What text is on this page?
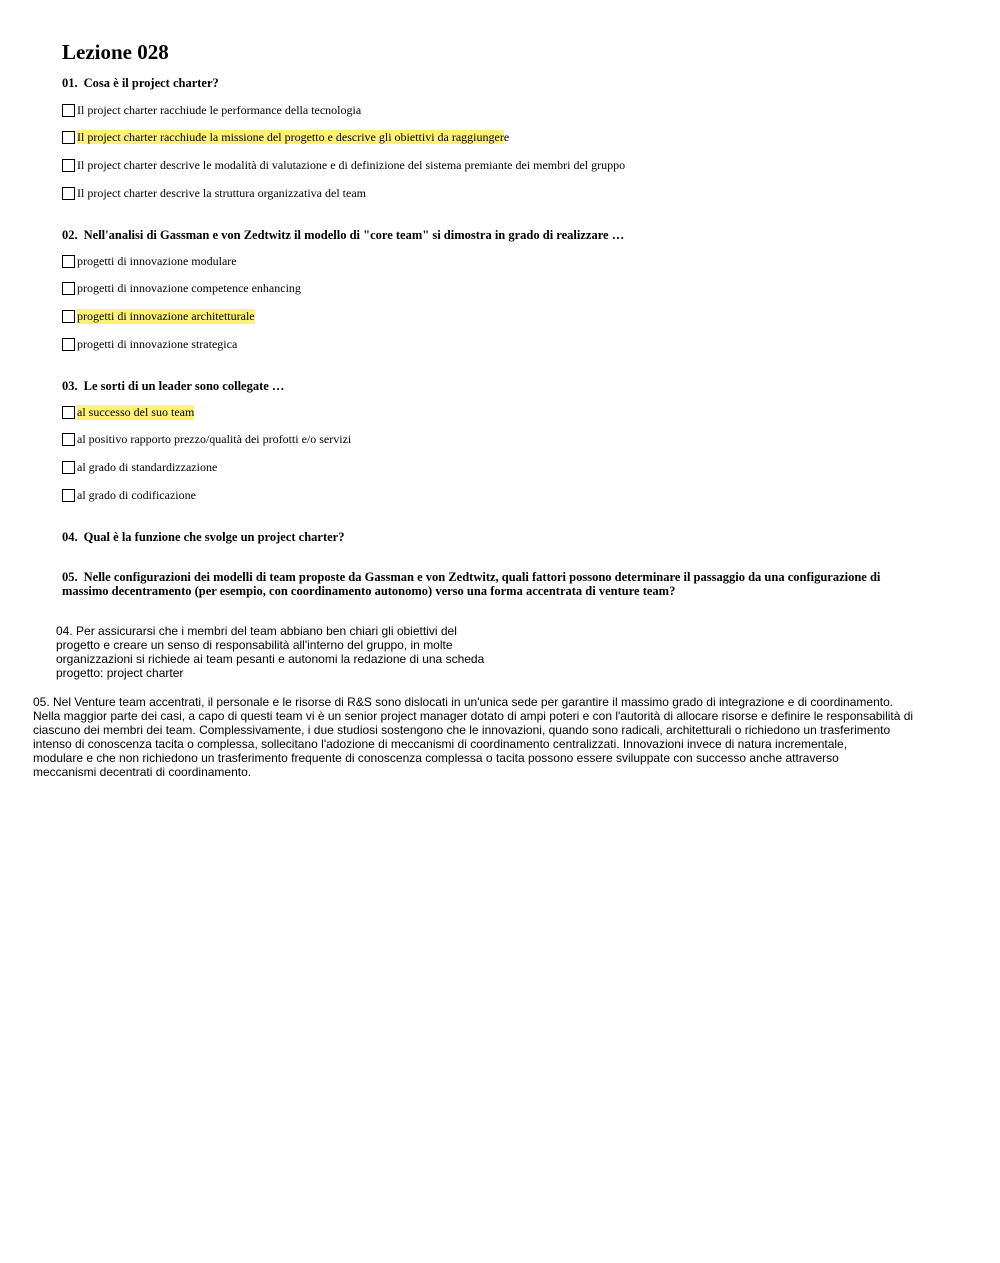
Lezione 028
01. Cosa è il project charter?
Il project charter racchiude le performance della tecnologia
Il project charter racchiude la missione del progetto e descrive gli obiettivi da raggiungere
Il project charter descrive le modalità di valutazione e di definizione del sistema premiante dei membri del gruppo
Il project charter descrive la struttura organizzativa del team
02. Nell'analisi di Gassman e von Zedtwitz il modello di "core team" si dimostra in grado di realizzare …
progetti di innovazione modulare
progetti di innovazione competence enhancing
progetti di innovazione architetturale
progetti di innovazione strategica
03. Le sorti di un leader sono collegate …
al successo del suo team
al positivo rapporto prezzo/qualità dei profotti e/o servizi
al grado di standardizzazione
al grado di codificazione
04. Qual è la funzione che svolge un project charter?
05. Nelle configurazioni dei modelli di team proposte da Gassman e von Zedtwitz, quali fattori possono determinare il passaggio da una configurazione di massimo decentramento (per esempio, con coordinamento autonomo) verso una forma accentrata di venture team?

04. Per assicurarsi che i membri del team abbiano ben chiari gli obiettivi del
progetto e creare un senso di responsabilità all'interno del gruppo, in molte
organizzazioni si richiede ai team pesanti e autonomi la redazione di una scheda
progetto: project charter

05. Nel Venture team accentrati, il personale e le risorse di R&S sono dislocati in un'unica sede per garantire il massimo grado di integrazione e di coordinamento.
Nella maggior parte dei casi, a capo di questi team vi è un senior project manager dotato di ampi poteri e con l'autorità di allocare risorse e definire le responsabilità di
ciascuno dei membri dei team. Complessivamente, i due studiosi sostengono che le innovazioni, quando sono radicali, architetturali o richiedono un trasferimento
intenso di conoscenza tacita o complessa, sollecitano l'adozione di meccanismi di coordinamento centralizzati. Innovazioni invece di natura incrementale,
modulare e che non richiedono un trasferimento frequente di conoscenza complessa o tacita possono essere sviluppate con successo anche attraverso
meccanismi decentrati di coordinamento.
